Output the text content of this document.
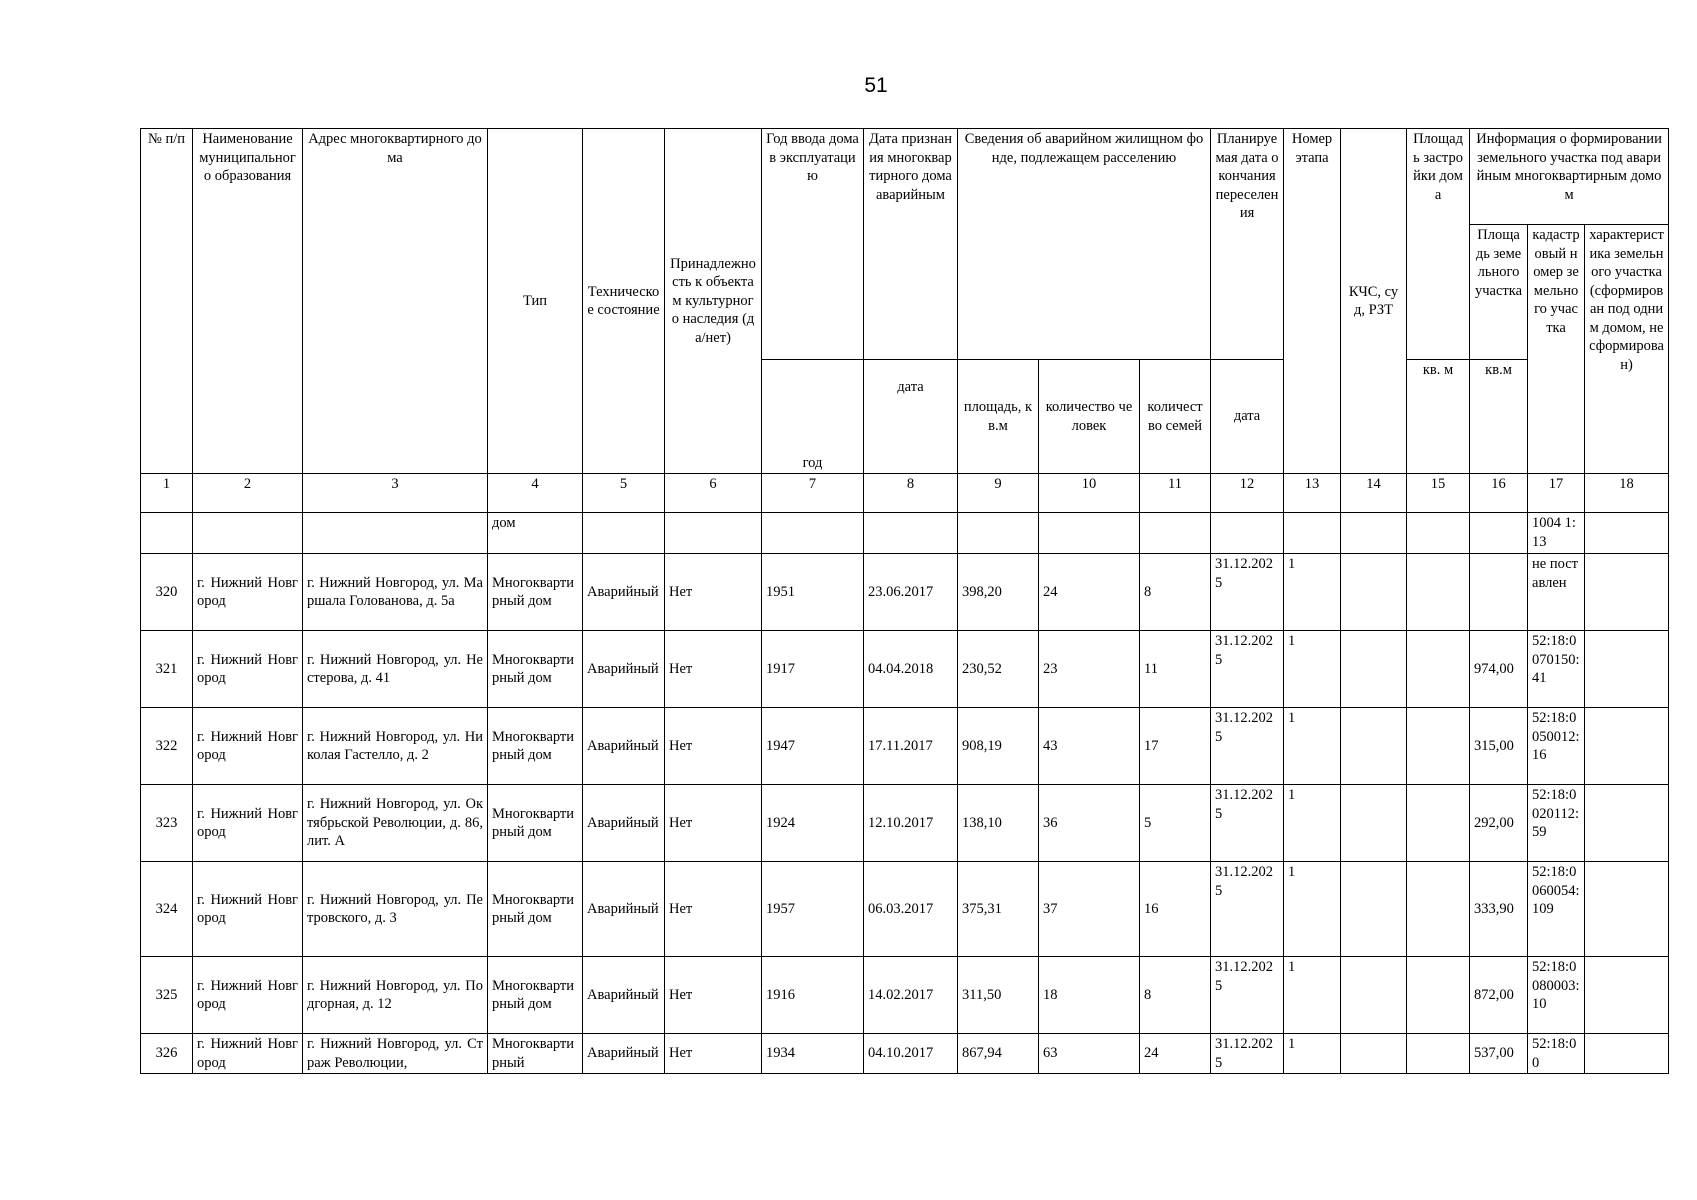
51
№ п/п	Наименование муниципального образования	Адрес многоквартирного дома	Тип	Техническое состояние	Принадлежность к объектам культурного наследия (да/нет)	Год ввода дома в эксплуатацию	Дата признания многоквартирного дома аварийным	Сведения об аварийном жилищном фонде, подлежащем расселению			Планируемая дата окончания переселения	Номер этапа	КЧС, суд, РЗТ	Площадь застройки дома	Информация о формировании земельного участка под аварийным многоквартирным домом		
															Площадь земельного участка	кадастровый номер земельного участка	характеристика земельного участка (сформирован под одним домом, не сформирован)
						год	дата	площадь, кв.м	количество человек	количество семей	дата			кв. м	кв.м		
1	2	3	4	5	6	7	8	9	10	11	12	13	14	15	16	17	18
			дом													1004 1:13	
320	г. Нижний Новгород	г. Нижний Новгород, ул. Маршала Голованова, д. 5а	Многоквартирный дом	Аварийный	Нет	1951	23.06.2017	398,20	24	8	31.12.2025	1				не поставлен	
321	г. Нижний Новгород	г. Нижний Новгород, ул. Нестерова, д. 41	Многоквартирный дом	Аварийный	Нет	1917	04.04.2018	230,52	23	11	31.12.2025	1			974,00	52:18:0070150:41	
322	г. Нижний Новгород	г. Нижний Новгород, ул. Николая Гастелло, д. 2	Многоквартирный дом	Аварийный	Нет	1947	17.11.2017	908,19	43	17	31.12.2025	1			315,00	52:18:0050012:16	
323	г. Нижний Новгород	г. Нижний Новгород, ул. Октябрьской Революции, д. 86, лит. А	Многоквартирный дом	Аварийный	Нет	1924	12.10.2017	138,10	36	5	31.12.2025	1			292,00	52:18:0020112:59	
324	г. Нижний Новгород	г. Нижний Новгород, ул. Петровского, д. 3	Многоквартирный дом	Аварийный	Нет	1957	06.03.2017	375,31	37	16	31.12.2025	1			333,90	52:18:0060054:109	
325	г. Нижний Новгород	г. Нижний Новгород, ул. Подгорная, д. 12	Многоквартирный дом	Аварийный	Нет	1916	14.02.2017	311,50	18	8	31.12.2025	1			872,00	52:18:0080003:10	
326	г. Нижний Новгород	г. Нижний Новгород, ул. Страж Революции,	Многоквартирный	Аварийный	Нет	1934	04.10.2017	867,94	63	24	31.12.2025	1			537,00	52:18:00	
